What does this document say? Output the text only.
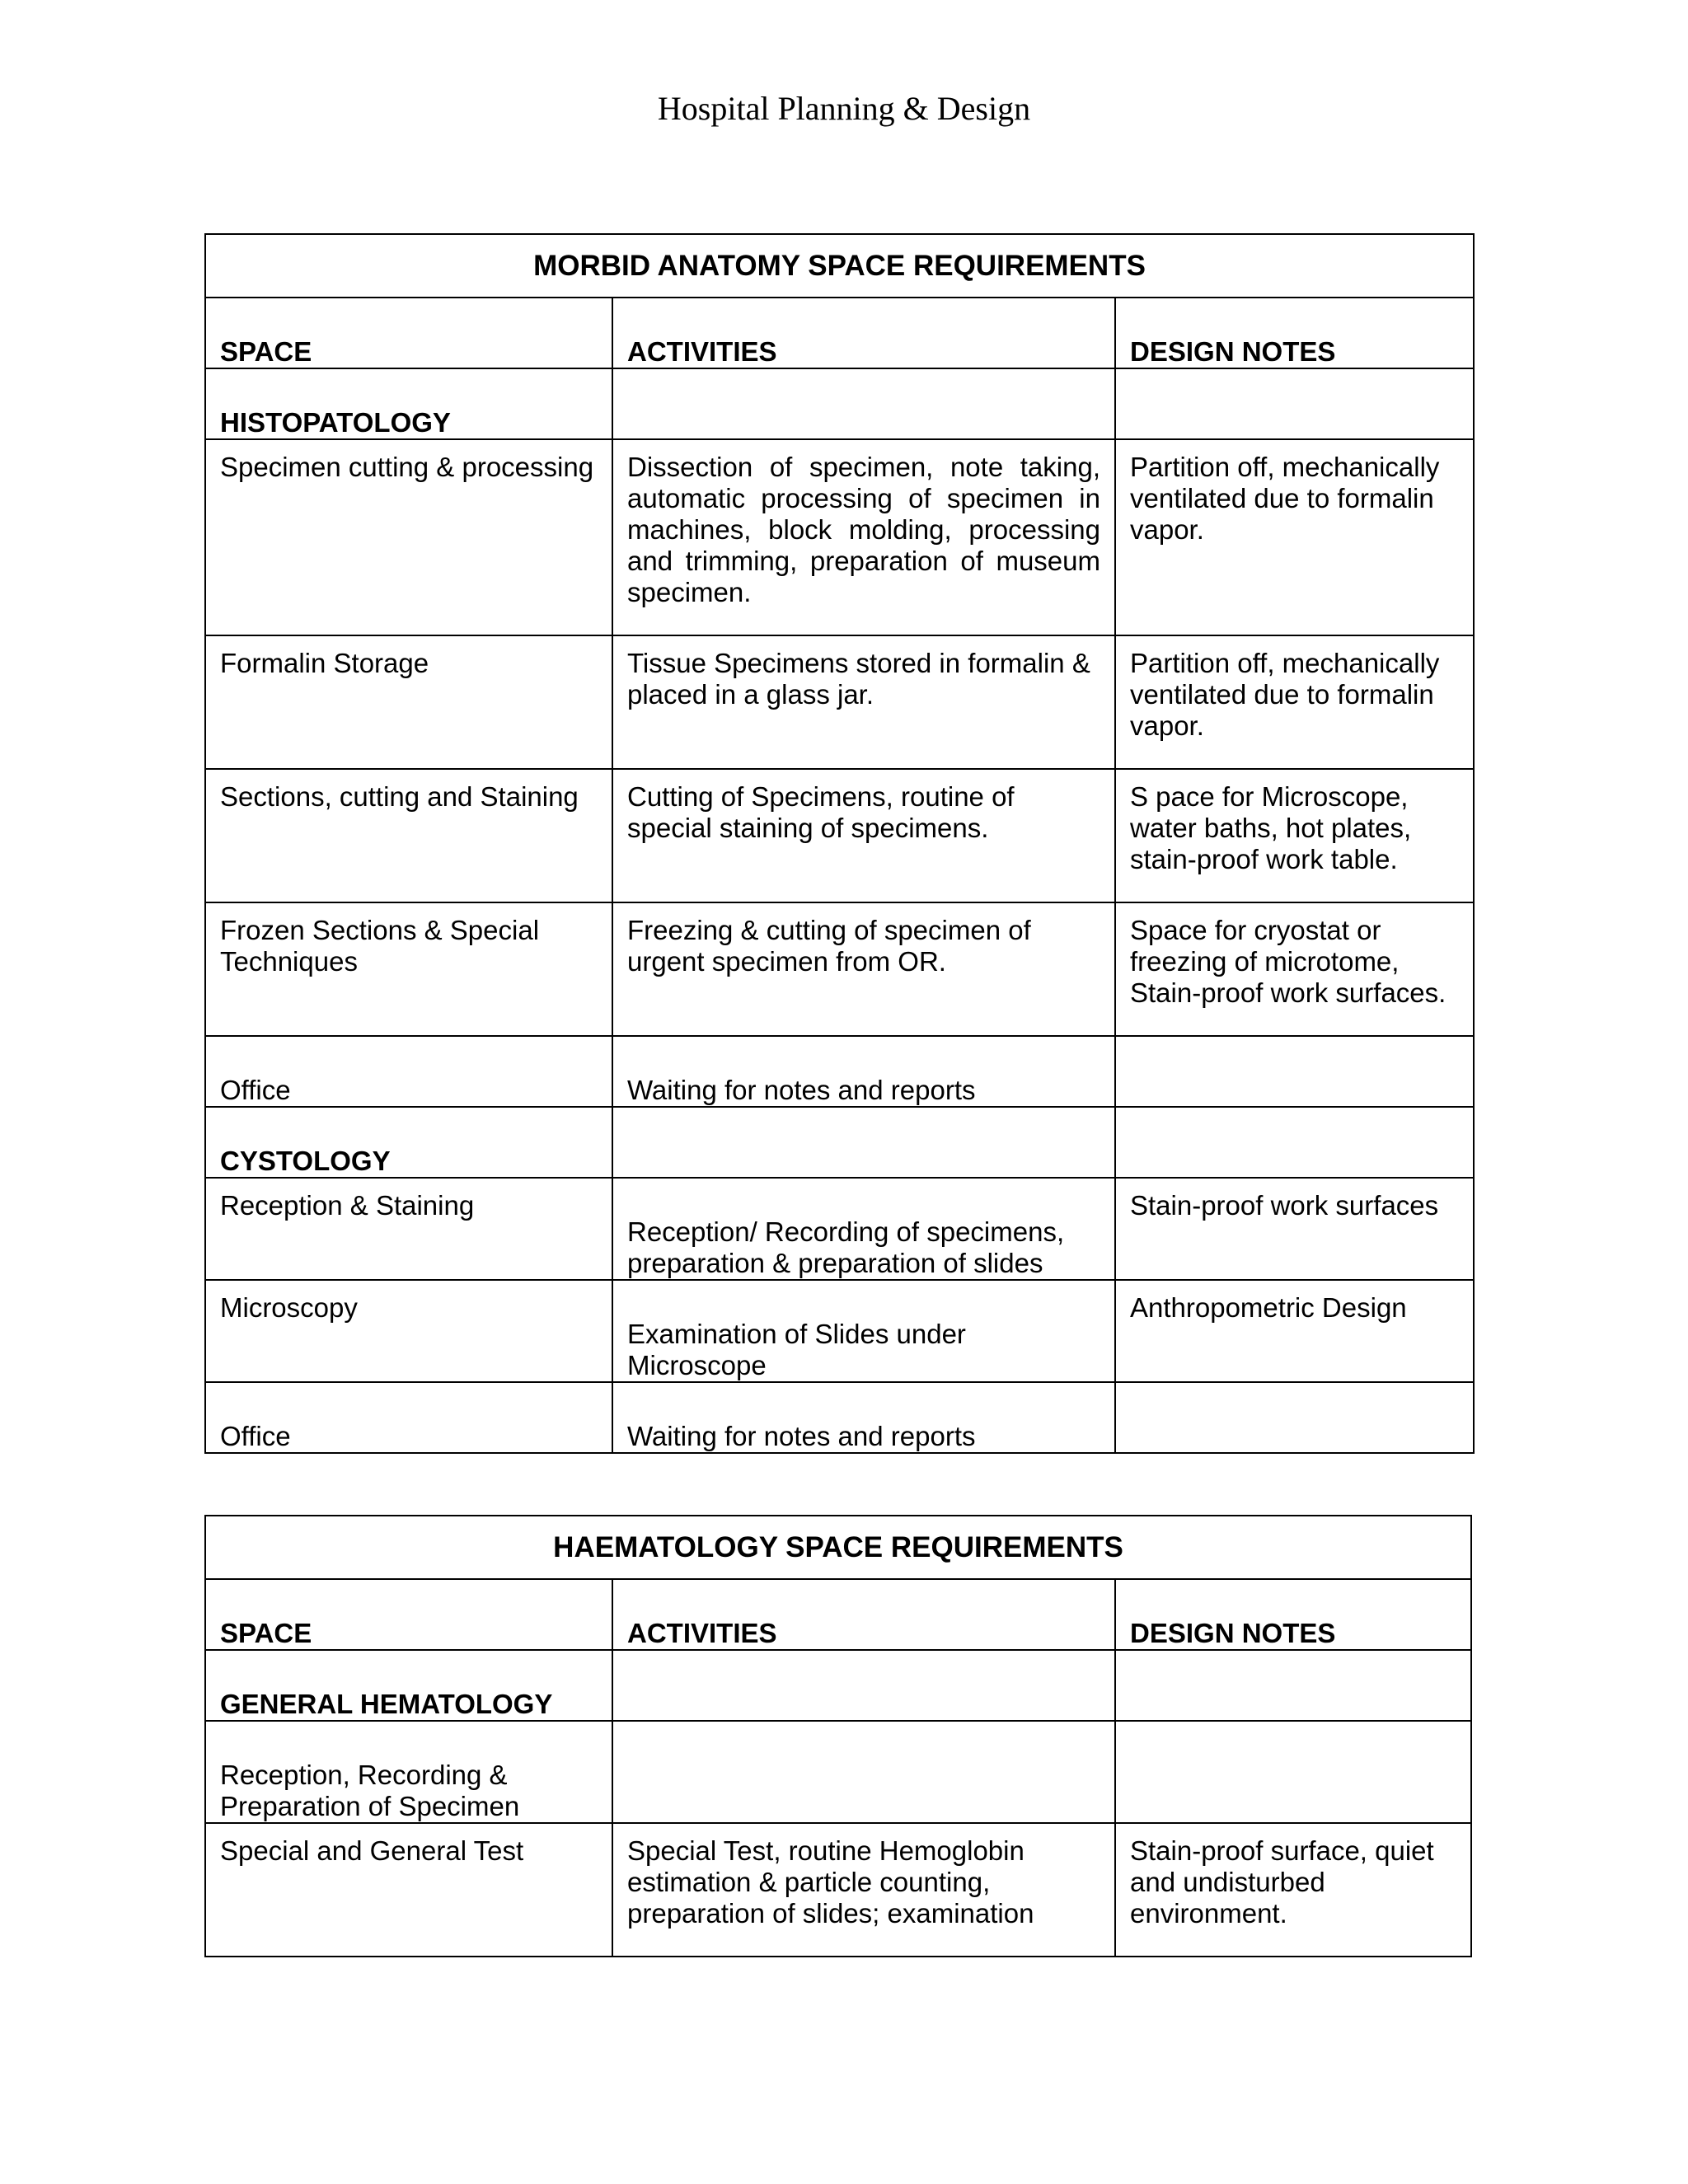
Hospital Planning & Design
MORBID ANATOMY SPACE REQUIREMENTS		
SPACE	ACTIVITIES	DESIGN NOTES
HISTOPATOLOGY		
Specimen cutting & processing	Dissection of specimen, note taking, automatic processing of specimen in machines, block molding, processing and trimming, preparation of museum specimen.	Partition off, mechanically ventilated due to formalin vapor.
Formalin Storage	Tissue Specimens stored in formalin & placed in a glass jar.	Partition off, mechanically ventilated due to formalin vapor.
Sections, cutting and Staining	Cutting of Specimens, routine of special staining of specimens.	S pace for Microscope, water baths, hot plates, stain-proof work table.
Frozen Sections & Special Techniques	Freezing & cutting of specimen of urgent specimen from OR.	Space for cryostat or freezing of microtome, Stain-proof work surfaces.
Office	Waiting for notes and reports	
CYSTOLOGY		
Reception & Staining	Reception/ Recording of specimens, preparation & preparation of slides	Stain-proof work surfaces
Microscopy	Examination of Slides under Microscope	Anthropometric Design
Office	Waiting for notes and reports	
HAEMATOLOGY SPACE REQUIREMENTS		
SPACE	ACTIVITIES	DESIGN NOTES
GENERAL HEMATOLOGY		
Reception, Recording & Preparation of Specimen		
Special and General Test	Special Test, routine Hemoglobin estimation & particle counting, preparation of slides; examination	Stain-proof surface, quiet and undisturbed environment.
